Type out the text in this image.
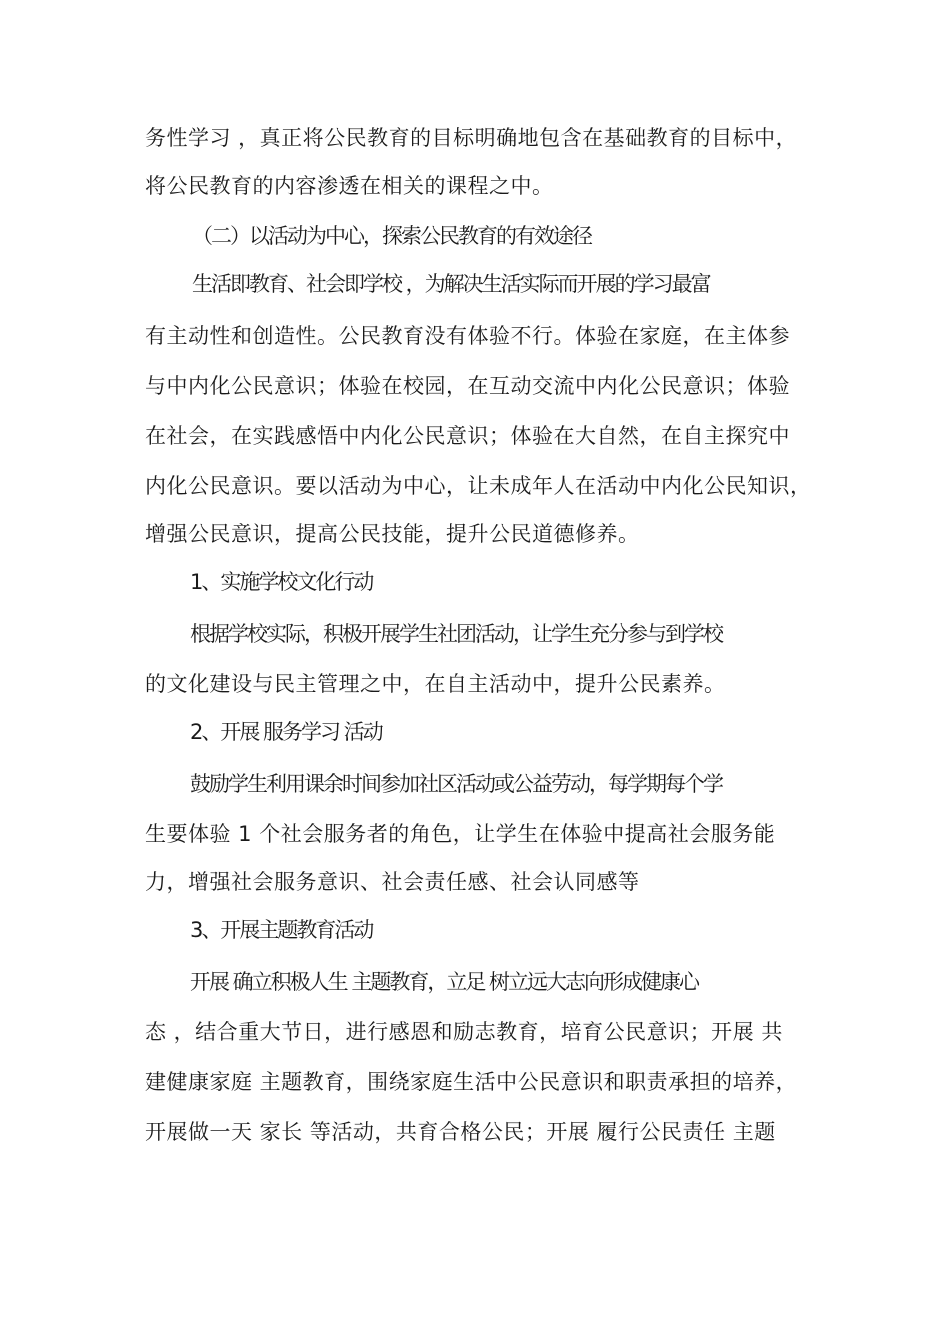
务性学习 ，真正将公民教育的目标明确地包含在基础教育的目标中，
将公民教育的内容渗透在相关的课程之中。
（二）以活动为中心，探索公民教育的有效途径
生活即教育、社会即学校 ，为解决生活实际而开展的学习最富
有主动性和创造性。公民教育没有体验不行。体验在家庭，在主体参
与中内化公民意识；体验在校园，在互动交流中内化公民意识；体验
在社会，在实践感悟中内化公民意识；体验在大自然，在自主探究中
内化公民意识。要以活动为中心，让未成年人在活动中内化公民知识，
增强公民意识，提高公民技能，提升公民道德修养。
1、实施学校文化行动
根据学校实际，积极开展学生社团活动，让学生充分参与到学校
的文化建设与民主管理之中，在自主活动中，提升公民素养。
2、开展 服务学习 活动
鼓励学生利用课余时间参加社区活动或公益劳动，每学期每个学
生要体验 1 个社会服务者的角色，让学生在体验中提高社会服务能
力，增强社会服务意识、社会责任感、社会认同感等
3、开展主题教育活动
开展 确立积极人生 主题教育，立足 树立远大志向形成健康心
态 ，结合重大节日，进行感恩和励志教育，培育公民意识；开展 共
建健康家庭 主题教育，围绕家庭生活中公民意识和职责承担的培养，
开展做一天 家长 等活动，共育合格公民；开展 履行公民责任 主题
